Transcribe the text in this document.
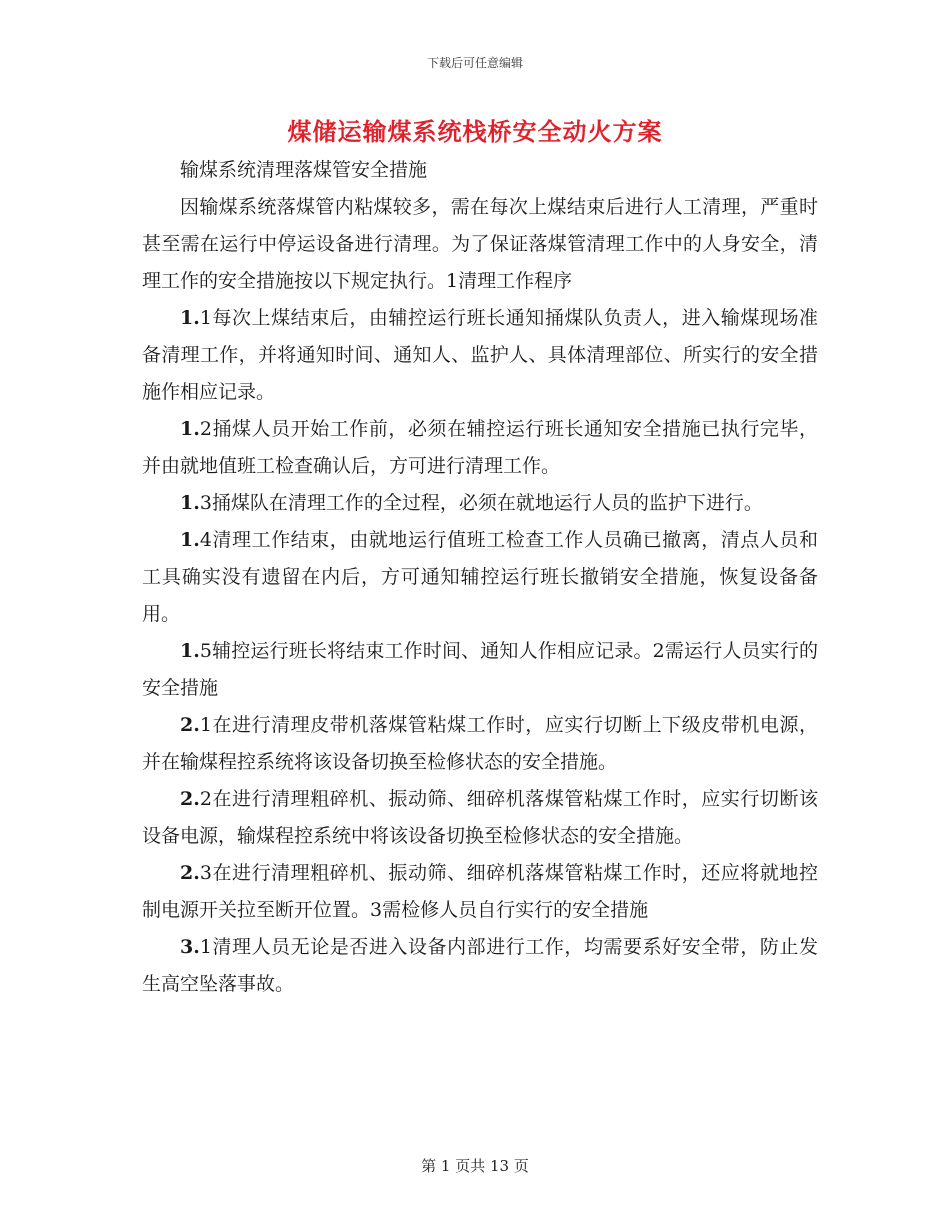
下载后可任意编辑
煤储运输煤系统栈桥安全动火方案

输煤系统清理落煤管安全措施

因输煤系统落煤管内粘煤较多，需在每次上煤结束后进行人工清理，严重时甚至需在运行中停运设备进行清理。为了保证落煤管清理工作中的人身安全，清理工作的安全措施按以下规定执行。1清理工作程序

1.1每次上煤结束后，由辅控运行班长通知捅煤队负责人，进入输煤现场准备清理工作，并将通知时间、通知人、监护人、具体清理部位、所实行的安全措施作相应记录。

1.2捅煤人员开始工作前，必须在辅控运行班长通知安全措施已执行完毕，并由就地值班工检查确认后，方可进行清理工作。

1.3捅煤队在清理工作的全过程，必须在就地运行人员的监护下进行。

1.4清理工作结束，由就地运行值班工检查工作人员确已撤离，清点人员和工具确实没有遗留在内后，方可通知辅控运行班长撤销安全措施，恢复设备备用。

1.5辅控运行班长将结束工作时间、通知人作相应记录。2需运行人员实行的安全措施

2.1在进行清理皮带机落煤管粘煤工作时，应实行切断上下级皮带机电源，并在输煤程控系统将该设备切换至检修状态的安全措施。

2.2在进行清理粗碎机、振动筛、细碎机落煤管粘煤工作时，应实行切断该设备电源，输煤程控系统中将该设备切换至检修状态的安全措施。

2.3在进行清理粗碎机、振动筛、细碎机落煤管粘煤工作时，还应将就地控制电源开关拉至断开位置。3需检修人员自行实行的安全措施

3.1清理人员无论是否进入设备内部进行工作，均需要系好安全带，防止发生高空坠落事故。

第 1 页共 13 页
